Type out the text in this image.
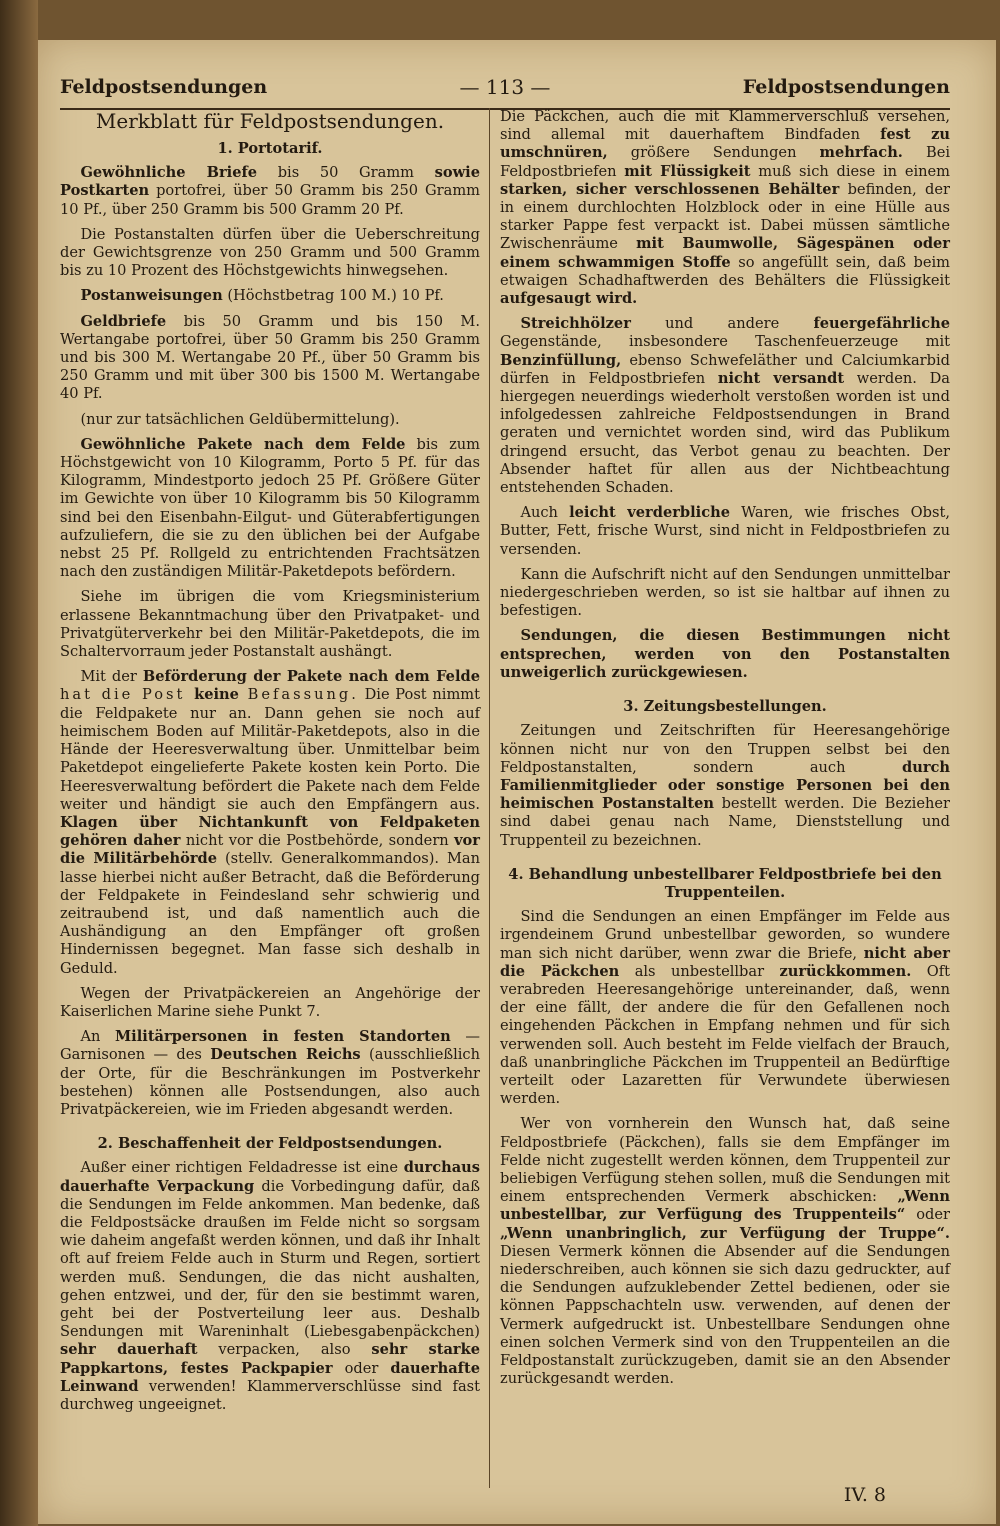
Feldpostsendungen	— 113 —	Feldpostsendungen
Merkblatt für Feldpostsendungen.
1. Portotarif.

Gewöhnliche Briefe bis 50 Gramm sowie Postkarten portofrei, über 50 Gramm bis 250 Gramm 10 Pf., über 250 Gramm bis 500 Gramm 20 Pf.

Die Postanstalten dürfen über die Ueberschreitung der Gewichtsgrenze von 250 Gramm und 500 Gramm bis zu 10 Prozent des Höchstgewichts hinwegsehen.

Postanweisungen (Höchstbetrag 100 M.) 10 Pf.

Geldbriefe bis 50 Gramm und bis 150 M. Wertangabe portofrei, über 50 Gramm bis 250 Gramm und bis 300 M. Wertangabe 20 Pf., über 50 Gramm bis 250 Gramm und mit über 300 bis 1500 M. Wertangabe 40 Pf.

(nur zur tatsächlichen Geldübermittelung).

Gewöhnliche Pakete nach dem Felde bis zum Höchstgewicht von 10 Kilogramm, Porto 5 Pf. für das Kilogramm, Mindestporto jedoch 25 Pf. Größere Güter im Gewichte von über 10 Kilogramm bis 50 Kilogramm sind bei den Eisenbahn-Eilgut- und Güterabfertigungen aufzuliefern, die sie zu den üblichen bei der Aufgabe nebst 25 Pf. Rollgeld zu entrichtenden Frachtsätzen nach den zuständigen Militär-Paketdepots befördern.

Siehe im übrigen die vom Kriegsministerium erlassene Bekanntmachung über den Privatpaket- und Privatgüterverkehr bei den Militär-Paketdepots, die im Schaltervorraum jeder Postanstalt aushängt.

Mit der Beförderung der Pakete nach dem Felde hat die Post keine Befassung. Die Post nimmt die Feldpakete nur an. Dann gehen sie noch auf heimischem Boden auf Militär-Paketdepots, also in die Hände der Heeresverwaltung über. Unmittelbar beim Paketdepot eingelieferte Pakete kosten kein Porto. Die Heeresverwaltung befördert die Pakete nach dem Felde weiter und händigt sie auch den Empfängern aus. Klagen über Nichtankunft von Feldpaketen gehören daher nicht vor die Postbehörde, sondern vor die Militärbehörde (stellv. Generalkommandos). Man lasse hierbei nicht außer Betracht, daß die Beförderung der Feldpakete in Feindesland sehr schwierig und zeitraubend ist, und daß namentlich auch die Aushändigung an den Empfänger oft großen Hindernissen begegnet. Man fasse sich deshalb in Geduld.

Wegen der Privatpäckereien an Angehörige der Kaiserlichen Marine siehe Punkt 7.

An Militärpersonen in festen Standorten — Garnisonen — des Deutschen Reichs (ausschließlich der Orte, für die Beschränkungen im Postverkehr bestehen) können alle Postsendungen, also auch Privatpäckereien, wie im Frieden abgesandt werden.

2. Beschaffenheit der Feldpostsendungen.

Außer einer richtigen Feldadresse ist eine durchaus dauerhafte Verpackung die Vorbedingung dafür, daß die Sendungen im Felde ankommen. Man bedenke, daß die Feldpostsäcke draußen im Felde nicht so sorgsam wie daheim angefaßt werden können, und daß ihr Inhalt oft auf freiem Felde auch in Sturm und Regen, sortiert werden muß. Sendungen, die das nicht aushalten, gehen entzwei, und der, für den sie bestimmt waren, geht bei der Postverteilung leer aus. Deshalb Sendungen mit Wareninhalt (Liebesgabenpäckchen) sehr dauerhaft verpacken, also sehr starke Pappkartons, festes Packpapier oder dauerhafte Leinwand verwenden! Klammerverschlüsse sind fast durchweg ungeeignet.

Die Päckchen, auch die mit Klammerverschluß versehen, sind allemal mit dauerhaftem Bindfaden fest zu umschnüren, größere Sendungen mehrfach. Bei Feldpostbriefen mit Flüssigkeit muß sich diese in einem starken, sicher verschlossenen Behälter befinden, der in einem durchlochten Holzblock oder in eine Hülle aus starker Pappe fest verpackt ist. Dabei müssen sämtliche Zwischenräume mit Baumwolle, Sägespänen oder einem schwammigen Stoffe so angefüllt sein, daß beim etwaigen Schadhaftwerden des Behälters die Flüssigkeit aufgesaugt wird.

Streichhölzer und andere feuergefährliche Gegenstände, insbesondere Taschenfeuerzeuge mit Benzinfüllung, ebenso Schwefeläther und Calciumkarbid dürfen in Feldpostbriefen nicht versandt werden. Da hiergegen neuerdings wiederholt verstoßen worden ist und infolgedessen zahlreiche Feldpostsendungen in Brand geraten und vernichtet worden sind, wird das Publikum dringend ersucht, das Verbot genau zu beachten. Der Absender haftet für allen aus der Nichtbeachtung entstehenden Schaden.

Auch leicht verderbliche Waren, wie frisches Obst, Butter, Fett, frische Wurst, sind nicht in Feldpostbriefen zu versenden.

Kann die Aufschrift nicht auf den Sendungen unmittelbar niedergeschrieben werden, so ist sie haltbar auf ihnen zu befestigen.

Sendungen, die diesen Bestimmungen nicht entsprechen, werden von den Postanstalten unweigerlich zurückgewiesen.

3. Zeitungsbestellungen.

Zeitungen und Zeitschriften für Heeresangehörige können nicht nur von den Truppen selbst bei den Feldpostanstalten, sondern auch durch Familienmitglieder oder sonstige Personen bei den heimischen Postanstalten bestellt werden. Die Bezieher sind dabei genau nach Name, Dienststellung und Truppenteil zu bezeichnen.

4. Behandlung unbestellbarer Feldpostbriefe bei den Truppenteilen.

Sind die Sendungen an einen Empfänger im Felde aus irgendeinem Grund unbestellbar geworden, so wundere man sich nicht darüber, wenn zwar die Briefe, nicht aber die Päckchen als unbestellbar zurückkommen. Oft verabreden Heeresangehörige untereinander, daß, wenn der eine fällt, der andere die für den Gefallenen noch eingehenden Päckchen in Empfang nehmen und für sich verwenden soll. Auch besteht im Felde vielfach der Brauch, daß unanbringliche Päckchen im Truppenteil an Bedürftige verteilt oder Lazaretten für Verwundete überwiesen werden.

Wer von vornherein den Wunsch hat, daß seine Feldpostbriefe (Päckchen), falls sie dem Empfänger im Felde nicht zugestellt werden können, dem Truppenteil zur beliebigen Verfügung stehen sollen, muß die Sendungen mit einem entsprechenden Vermerk abschicken: „Wenn unbestellbar, zur Verfügung des Truppenteils“ oder „Wenn unanbringlich, zur Verfügung der Truppe“. Diesen Vermerk können die Absender auf die Sendungen niederschreiben, auch können sie sich dazu gedruckter, auf die Sendungen aufzuklebender Zettel bedienen, oder sie können Pappschachteln usw. verwenden, auf denen der Vermerk aufgedruckt ist. Unbestellbare Sendungen ohne einen solchen Vermerk sind von den Truppenteilen an die Feldpostanstalt zurückzugeben, damit sie an den Absender zurückgesandt werden.

IV. 8
